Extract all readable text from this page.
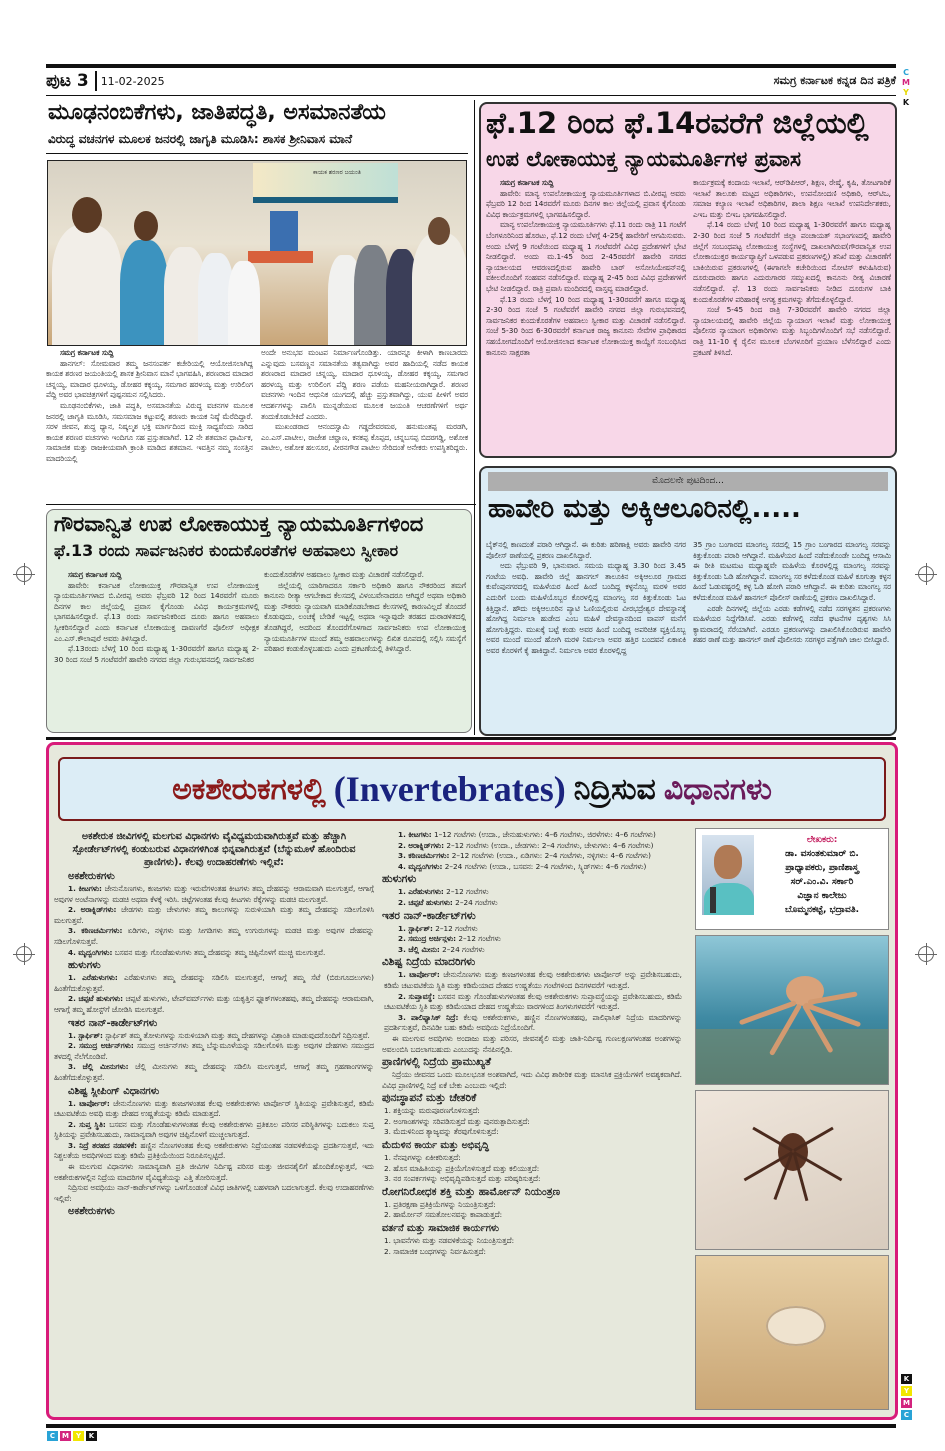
ಪುಟ 3	11-02-2025	ಸಮಗ್ರ ಕರ್ನಾಟಕ ಕನ್ನಡ ದಿನ ಪತ್ರಿಕೆ
C
M
Y
K
ಮೂಢನಂಬಿಕೆಗಳು, ಜಾತಿಪದ್ಧತಿ, ಅಸಮಾನತೆಯ
ವಿರುದ್ಧ ವಚನಗಳ ಮೂಲಕ ಜನರಲ್ಲಿ ಜಾಗೃತಿ ಮೂಡಿಸಿ: ಶಾಸಕ ಶ್ರೀನಿವಾಸ ಮಾನೆ
ಕಾಯಕ ಶರಣರ ಜಯಂತಿ
ಸಮಗ್ರ ಕರ್ನಾಟಕ ಸುದ್ದಿ

ಹಾನಗಲ್: ಸೋಮವಾರ ತಮ್ಮ ಜನಸಂಪರ್ಕ ಕಚೇರಿಯಲ್ಲಿ ಆಯೋಜಿಸಲಾಗಿದ್ದ ಕಾಯಕ ಶರಣರ ಜಯಂತಿಯಲ್ಲಿ ಶಾಸಕ ಶ್ರೀನಿವಾಸ ಮಾನೆ ಭಾಗವಹಿಸಿ, ಶರಣರಾದ ಮಾದಾರ ಚನ್ನಯ್ಯ, ಮಾದಾರ ಧೂಳಯ್ಯ, ಡೋಹರ ಕಕ್ಕಯ್ಯ, ಸಮಗಾರ ಹರಳಯ್ಯ ಮತ್ತು ಉರಿಲಿಂಗ ಪೆದ್ದಿ ಅವರ ಭಾವಚಿತ್ರಗಳಿಗೆ ಪುಷ್ಪನಮನ ಸಲ್ಲಿಸಿದರು.

ಮೂಢನಂಬಿಕೆಗಳು, ಜಾತಿ ಪದ್ಧತಿ, ಅಸಮಾನತೆಯ ವಿರುದ್ಧ ವಚನಗಳ ಮೂಲಕ ಜನರಲ್ಲಿ ಜಾಗೃತಿ ಮೂಡಿಸಿ, ಸಮಸಮಾಜ ಕಟ್ಟುವಲ್ಲಿ ಶರಣರು ಕಾಯಕ ನಿಷ್ಠೆ ಮೆರೆದಿದ್ದಾರೆ. ಸರಳ ಜೀವನ, ಶುದ್ಧ ಧ್ಯಾನ, ನಿಷ್ಕಲ್ಮಶ ಭಕ್ತಿ ಮಾರ್ಗದಿಂದ ಮುಕ್ತಿ ಸಾಧ್ಯವೆಂದು ಸಾರಿದ ಕಾಯಕ ಶರಣರ ವಚನಗಳು ಇಂದಿಗೂ ಸಹ ಪ್ರಸ್ತುತವಾಗಿವೆ. 12 ನೇ ಶತಮಾನ ಧಾರ್ಮಿಕ, ಸಾಮಾಜಿಕ ಮತ್ತು ರಾಜಕೀಯವಾಗಿ ಕ್ರಾಂತಿ ಮಾಡಿದ ಶತಮಾನ. ಇವತ್ತಿನ ನಮ್ಮ ಸಂಸತ್ತಿನ ಮಾದರಿಯಲ್ಲಿ

ಅಂದೇ ಅನುಭವ ಮಂಟಪ ನಿರ್ಮಾಣಗೊಂಡಿತ್ತು. ಯಾರನ್ನೂ ಕೀಳಾಗಿ ಕಾಣಬಾರದು ಎನ್ನುವುದು ಬಸವಣ್ಣನ ಸಮಾನತೆಯ ತತ್ವವಾಗಿದ್ದು ಅವರ ಹಾದಿಯಲ್ಲಿ ನಡೆದ ಕಾಯಕ ಶರಣರಾದ ಮಾದಾರ ಚನ್ನಯ್ಯ, ಮಾದಾರ ಧೂಳಯ್ಯ, ಡೋಹರ ಕಕ್ಕಯ್ಯ, ಸಮಗಾರ ಹರಳಯ್ಯ ಮತ್ತು ಉರಿಲಿಂಗ ಪೆದ್ದಿ ಶರಣ ಪಡೆಯ ಮಹನೀಯರಾಗಿದ್ದಾರೆ. ಶರಣರ ವಚನಗಳು ಇಂದಿನ ಆಧುನಿಕ ಯುಗದಲ್ಲಿ ಹೆಚ್ಚು ಪ್ರಸ್ತುತವಾಗಿದ್ದು, ಯುವ ಪೀಳಿಗೆ ಅವರ ಆದರ್ಶಗಳನ್ನು ಪಾಲಿಸಿ ಮುನ್ನಡೆಯುವ ಮೂಲಕ ಜಯಂತಿ ಆಚರಣೆಗಳಿಗೆ ಅರ್ಥ ತಂದುಕೊಡಬೇಕಿದೆ ಎಂದರು.

ಮುಖಂಡರಾದ ಆನಂದಸ್ವಾಮಿ ಗಡ್ಡದೇವರಮಠ, ಹನುಮಂತಪ್ಪ ಮರಡಗಿ, ಎಂ.ಎಸ್.ಪಾಟೀಲ, ರಾಜೇಶ ಚವ್ಹಾಣ, ಕನಕಪ್ಪ ಕೊಪ್ಪದ, ಚನ್ನಬಸಪ್ಪ ಬಿದರಗಡ್ಡಿ, ಅಶೋಕ ಪಾಟೀಲ, ಅಶೋಕ ಹಲಸೂರ, ವೀರನಗೌಡ ಪಾಟೀಲ ಸೇರಿದಂತೆ ಅನೇಕರು ಉಪಸ್ಥಿತರಿದ್ದರು.

ಫೆ.12 ರಿಂದ ಫೆ.14ರವರೆಗೆ ಜಿಲ್ಲೆಯಲ್ಲಿ
ಉಪ ಲೋಕಾಯುಕ್ತ ನ್ಯಾಯಮೂರ್ತಿಗಳ ಪ್ರವಾಸ
ಸಮಗ್ರ ಕರ್ನಾಟಕ ಸುದ್ದಿ

ಹಾವೇರಿ: ಮಾನ್ಯ ಉಪಲೋಕಾಯುಕ್ತ ನ್ಯಾಯಮೂರ್ತಿಗಳಾದ ಬಿ.ವೀರಪ್ಪ ಅವರು ಫೆಬ್ರವರಿ 12 ರಿಂದ 14ರವರೆಗೆ ಮೂರು ದಿನಗಳ ಕಾಲ ಜಿಲ್ಲೆಯಲ್ಲಿ ಪ್ರವಾಸ ಕೈಗೊಂಡು ವಿವಿಧ ಕಾರ್ಯಕ್ರಮಗಳಲ್ಲಿ ಭಾಗವಹಿಸಲಿದ್ದಾರೆ.

ಮಾನ್ಯ ಉಪಲೋಕಾಯುಕ್ತ ನ್ಯಾಯಮೂರ್ತಿಗಳು ಫೆ.11 ರಂದು ರಾತ್ರಿ 11 ಗಂಟೆಗೆ ಬೆಂಗಳೂರಿನಿಂದ ಹೊರಟು, ಫೆ.12 ರಂದು ಬೆಳಗ್ಗೆ 4-25ಕ್ಕೆ ಹಾವೇರಿಗೆ ಆಗಮಿಸುವರು. ಅಂದು ಬೆಳಗ್ಗೆ 9 ಗಂಟೆಯಿಂದ ಮಧ್ಯಾಹ್ನ 1 ಗಂಟೆವರೆಗೆ ವಿವಿಧ ಪ್ರದೇಶಗಳಿಗೆ ಭೇಟಿ ನೀಡಲಿದ್ದಾರೆ. ಅಂದು ಮ.1-45 ರಿಂದ 2-45ರವರೆಗೆ ಹಾವೇರಿ ನಗರದ ನ್ಯಾಯಾಲಯದ ಆವರಣದಲ್ಲಿರುವ ಹಾವೇರಿ ಬಾರ್ ಅಸೋಸಿಯೇಷನ್‌ನಲ್ಲಿ ವಕೀಲರೊಂದಿಗೆ ಸಂಹವನ ನಡೆಸಲಿದ್ದಾರೆ. ಮಧ್ಯಾಹ್ನ 2-45 ರಿಂದ ವಿವಿಧ ಪ್ರದೇಶಗಳಿಗೆ ಭೇಟಿ ನೀಡಲಿದ್ದಾರೆ. ರಾತ್ರಿ ಪ್ರವಾಸಿ ಮಂದಿರದಲ್ಲಿ ವಾಸ್ತವ್ಯ ಮಾಡಲಿದ್ದಾರೆ.

ಫೆ.13 ರಂದು ಬೆಳಗ್ಗೆ 10 ರಿಂದ ಮಧ್ಯಾಹ್ನ 1-30ರವರೆಗೆ ಹಾಗೂ ಮಧ್ಯಾಹ್ನ 2-30 ರಿಂದ ಸಂಜೆ 5 ಗಂಟೆವರೆಗೆ ಹಾವೇರಿ ನಗರದ ಜಿಲ್ಲಾ ಗುರುಭವನದಲ್ಲಿ ಸಾರ್ವಜನಿಕರ ಕುಂದುಕೊರತೆಗಳ ಅಹವಾಲು ಸ್ವೀಕಾರ ಮತ್ತು ವಿಚಾರಣೆ ನಡೆಸಲಿದ್ದಾರೆ. ಸಂಜೆ 5-30 ರಿಂದ 6-30ರವರೆಗೆ ಕರ್ನಾಟಕ ರಾಜ್ಯ ಕಾನೂನು ಸೇವೆಗಳ ಪ್ರಾಧಿಕಾರದ ಸಹಯೋಗದೊಂದಿಗೆ ಆಯೋಜಿಸಲಾದ ಕರ್ನಾಟಕ ಲೋಕಾಯುಕ್ತ ಕಾಯ್ದೆಗೆ ಸಂಬಂಧಿಸಿದ ಕಾನೂನು ಸಾಕ್ಷರತಾ

ಕಾರ್ಯಕ್ರಮಕ್ಕೆ ಕಂದಾಯ ಇಲಾಖೆ, ಆರ್‌ಡಿಪಿಆರ್, ಶಿಕ್ಷಣ, ರೇಷ್ಮೆ, ಕೃಷಿ, ತೋಟಗಾರಿಕೆ ಇಲಾಖೆ ತಾಲೂಕು ಮಟ್ಟದ ಅಧಿಕಾರಿಗಳು, ಉಪನೋಂದಣಿ ಅಧಿಕಾರಿ, ಆರ್‌ಟಿಒ, ಸಮಾಜ ಕಲ್ಯಾಣ ಇಲಾಖೆ ಅಧಿಕಾರಿಗಳ, ಶಾಲಾ ಶಿಕ್ಷಣ ಇಲಾಖೆ ಉಪನಿರ್ದೇಶಕರು, ಎಇಒ ಮತ್ತು ಬಿಇಒ ಭಾಗವಹಿಸಲಿದ್ದಾರೆ.

ಫೆ.14 ರಂದು ಬೆಳಗ್ಗೆ 10 ರಿಂದ ಮಧ್ಯಾಹ್ನ 1-30ರವರೆಗೆ ಹಾಗೂ ಮಧ್ಯಾಹ್ನ 2-30 ರಿಂದ ಸಂಜೆ 5 ಗಂಟೆವರೆಗೆ ಜಿಲ್ಲಾ ಪಂಚಾಯತ್ ಸಭಾಂಗಣದಲ್ಲಿ ಹಾವೇರಿ ಜಿಲ್ಲೆಗೆ ಸಂಬಂಧಪಟ್ಟ ಲೋಕಾಯುಕ್ತ ಸಂಸ್ಥೆಗಳಲ್ಲಿ ದಾಖಲಾಗಿರುವ(ಗೌರವಾನ್ವಿತ ಉಪ ಲೋಕಾಯುಕ್ತರ ಕಾರ್ಯವ್ಯಾಪ್ತಿಗೆ ಒಳಪಡುವ ಪ್ರಕರಣಗಳಲ್ಲಿ) ತನಿಖೆ ಮತ್ತು ವಿಚಾರಣೆಗೆ ಬಾಕಿಯಿರುವ ಪ್ರಕರಣಗಳಲ್ಲಿ (ಈಗಾಗಲೇ ಕಚೇರಿಯಿಂದ ನೋಟಿಸ್ ಕಳುಹಿಸಿರುವ) ದೂರುದಾರರು ಹಾಗೂ ಎದುರುಗಾರರ ಸಮ್ಮುಖದಲ್ಲಿ ಕಾನೂನು ರೀತ್ಯ ವಿಚಾರಣೆ ನಡೆಸಲಿದ್ದಾರೆ. ಫೆ. 13 ರಂದು ಸಾರ್ವಜನಿಕರು ನೀಡಿದ ದೂರುಗಳ ಬಾಕಿ ಕುಂದುಕೊರತೆಗಳ ಪರಿಹಾರಕ್ಕೆ ಅಗತ್ಯ ಕ್ರಮಗಳನ್ನು ತೆಗೆದುಕೊಳ್ಳಲಿದ್ದಾರೆ.

ಸಂಜೆ 5-45 ರಿಂದ ರಾತ್ರಿ 7-30ರವರೆಗೆ ಹಾವೇರಿ ನಗರದ ಜಿಲ್ಲಾ ನ್ಯಾಯಾಲಯದಲ್ಲಿ ಹಾವೇರಿ ಜಿಲ್ಲೆಯ ನ್ಯಾಯಾಂಗ ಇಲಾಖೆ ಮತ್ತು ಲೋಕಾಯುಕ್ತ ಪೊಲೀಸರ ನ್ಯಾಯಾಂಗ ಅಧಿಕಾರಿಗಳು ಮತ್ತು ಸಿಬ್ಬಂದಿಗಳೊಂದಿಗೆ ಸಭೆ ನಡೆಸಲಿದ್ದಾರೆ. ರಾತ್ರಿ 11-10 ಕ್ಕೆ ರೈಲಿನ ಮೂಲಕ ಬೆಂಗಳೂರಿಗೆ ಪ್ರಯಾಣ ಬೆಳೆಸಲಿದ್ದಾರೆ ಎಂದು ಪ್ರಕಟಣೆ ತಿಳಿಸಿದೆ.

ಗೌರವಾನ್ವಿತ ಉಪ ಲೋಕಾಯುಕ್ತ ನ್ಯಾಯಮೂರ್ತಿಗಳಿಂದ
ಫೆ.13 ರಂದು ಸಾರ್ವಜನಿಕರ ಕುಂದುಕೊರತೆಗಳ ಅಹವಾಲು ಸ್ವೀಕಾರ
ಸಮಗ್ರ ಕರ್ನಾಟಕ ಸುದ್ದಿ

ಹಾವೇರಿ: ಕರ್ನಾಟಕ ಲೋಕಾಯುಕ್ತ ಗೌರವಾನ್ವಿತ ಉಪ ಲೋಕಾಯುಕ್ತ ನ್ಯಾಯಮೂರ್ತಿಗಳಾದ ಬಿ.ವೀರಪ್ಪ ಅವರು ಫೆಬ್ರವರಿ 12 ರಿಂದ 14ರವರೆಗೆ ಮೂರು ದಿನಗಳ ಕಾಲ ಜಿಲ್ಲೆಯಲ್ಲಿ ಪ್ರವಾಸ ಕೈಗೊಂಡು ವಿವಿಧ ಕಾರ್ಯಕ್ರಮಗಳಲ್ಲಿ ಭಾಗವಹಿಸಲಿದ್ದಾರೆ. ಫೆ.13 ರಂದು ಸಾರ್ವಜನಿಕರಿಂದ ದೂರು ಹಾಗೂ ಅಹವಾಲು ಸ್ವೀಕರಿಸಲಿದ್ದಾರೆ ಎಂದು ಕರ್ನಾಟಕ ಲೋಕಾಯುಕ್ತ ದಾವಣಗೆರೆ ಪೊಲೀಸ್ ಅಧೀಕ್ಷಕ ಎಂ.ಎಸ್.ಕೌಲಾಪುರೆ ಅವರು ತಿಳಿಸಿದ್ದಾರೆ.

ಫೆ.13ರಂದು ಬೆಳಗ್ಗೆ 10 ರಿಂದ ಮಧ್ಯಾಹ್ನ 1-30ರವರೆಗೆ ಹಾಗೂ ಮಧ್ಯಾಹ್ನ 2-30 ರಿಂದ ಸಂಜೆ 5 ಗಂಟೆವರೆಗೆ ಹಾವೇರಿ ನಗರದ ಜಿಲ್ಲಾ ಗುರುಭವನದಲ್ಲಿ ಸಾರ್ವಜನಿಕರ

ಕುಂದುಕೊರತೆಗಳ ಅಹವಾಲು ಸ್ವೀಕಾರ ಮತ್ತು ವಿಚಾರಣೆ ನಡೆಸಲಿದ್ದಾರೆ.

ಜಿಲ್ಲೆಯಲ್ಲಿ ಯಾರಿಗಾದರೂ ಸರ್ಕಾರಿ ಅಧಿಕಾರಿ ಹಾಗೂ ನೌಕರರಿಂದ ತಮಗೆ ಕಾನೂನು ರೀತ್ಯಾ ಆಗಬೇಕಾದ ಕೆಲಸದಲ್ಲಿ ವಿಳಂಬವೇನಾದರೂ ಆಗಿದ್ದರೆ ಅಥವಾ ಅಧಿಕಾರಿ ಮತ್ತು ನೌಕರರು ನ್ಯಾಯವಾಗಿ ಮಾಡಿಕೊಡಬೇಕಾದ ಕೆಲಸಗಳಲ್ಲಿ ಕಾರಣವಿಲ್ಲದೆ ತೊಂದರೆ ಕೊಡುವುದು, ಲಂಚಕ್ಕೆ ಬೇಡಿಕೆ ಇಟ್ಟಲ್ಲಿ ಅಥವಾ ಇನ್ನಾವುದೇ ತರಹದ ದುರಾಡಳಿತದಲ್ಲಿ ತೊಡಗಿದ್ದರೆ, ಅದರಿಂದ ತೊಂದರೆಗೊಳಗಾದ ಸಾರ್ವಜನಿಕರು ಉಪ ಲೋಕಾಯುಕ್ತ ನ್ಯಾಯಮೂರ್ತಿಗಳ ಮುಂದೆ ತಮ್ಮ ಅಹವಾಲುಗಳನ್ನು ಲಿಖಿತ ರೂಪದಲ್ಲಿ ಸಲ್ಲಿಸಿ ಸಮಸ್ಯೆಗೆ ಪರಿಹಾರ ಕಂಡುಕೊಳ್ಳಬಹುದು ಎಂದು ಪ್ರಕಟಣೆಯಲ್ಲಿ ತಿಳಿಸಿದ್ದಾರೆ.

ಮೊದಲನೇ ಪುಟದಿಂದ...
ಹಾವೇರಿ ಮತ್ತು ಅಕ್ಕಿಆಲೂರಿನಲ್ಲಿ.....

ಬೈಕ್‌ನಲ್ಲಿ ಕಾಣದಂತೆ ಪರಾರಿ ಆಗಿದ್ದಾನೆ. ಈ ಕುರಿತು ಹರಿಣಾಕ್ಷಿ ಅವರು ಹಾವೇರಿ ನಗರ ಪೊಲೀಸ್ ಠಾಣೆಯಲ್ಲಿ ಪ್ರಕರಣ ದಾಖಲಿಸಿದ್ದಾರೆ.

ಅದು ಫೆಬ್ರುವರಿ 9, ಭಾನುವಾರ. ಸಮಯ ಮಧ್ಯಾಹ್ನ 3.30 ರಿಂದ 3.45 ಗಂಟೆಯ ಅವಧಿ. ಹಾವೇರಿ ಜಿಲ್ಲೆ ಹಾನಗಲ್ ತಾಲೂಕಿನ ಅಕ್ಕಿಆಲೂರ ಗ್ರಾಮದ ಕುವೆಂಪುನಗರದಲ್ಲಿ ಮಹಿಳೆಯರ ಹಿಂದೆ ಹಿಂದೆ ಬಂದಿದ್ದ ಕಳ್ಳನೊಬ್ಬ ಮರಳಿ ಅವರ ಎದುರಿಗೆ ಬಂದು ಮಹಿಳೆಯೊಬ್ಬರ ಕೊರಳಲ್ಲಿದ್ದ ಮಾಂಗಲ್ಯ ಸರ ಕಿತ್ತುಕೊಂಡು ಓಟ ಕಿತ್ತಿದ್ದಾನೆ. ಹೌದು ಅಕ್ಕಿಆಲೂರಿನ ಪ್ಯಾಟಿ ಓಣಿಯಲ್ಲಿರುವ ವೀರಭದ್ರೇಶ್ವರ ದೇವಸ್ಥಾನಕ್ಕೆ ಹೋಗಿದ್ದ ನಿರ್ಮಲಾ ಹುಡೇದ ಎಂಬ ಮಹಿಳೆ ದೇವಸ್ಥಾನದಿಂದ ವಾಪಸ್ ಮನೆಗೆ ಹೋಗುತ್ತಿದ್ದರು. ಮುಖಕ್ಕೆ ಬಟ್ಟೆ ಕಂಡು ಅವರ ಹಿಂದೆ ಬಂದಿದ್ದ ಅಪರಿಚಿತ ವ್ಯಕ್ತಿಯೊಬ್ಬ ಅವರ ಮುಂದೆ ಮುಂದೆ ಹೋಗಿ ಮರಳಿ ನಿರ್ಮಲಾ ಅವರ ಹತ್ತಿರ ಬಂದವನೆ ಏಕಾಏಕಿ ಅವರ ಕೊರಳಿಗೆ ಕೈ ಹಾಕಿದ್ದಾನೆ. ನಿರ್ಮಲಾ ಅವರ ಕೊರಳಲ್ಲಿದ್ದ

35 ಗ್ರಾಂ ಬಂಗಾರದ ಮಾಂಗಲ್ಯ ಸರದಲ್ಲಿ 15 ಗ್ರಾಂ ಬಂಗಾರದ ಮಾಂಗಲ್ಯ ಸರವನ್ನು ಕಿತ್ತುಕೊಂಡು ಪರಾರಿ ಆಗಿದ್ದಾನೆ. ಮಹಿಳೆಯರ ಹಿಂದೆ ನಡೆದುಕೊಂಡೇ ಬಂದಿದ್ದ ಆಸಾಮಿ ಈ ರೀತಿ ಮಟಮಟ ಮಧ್ಯಾಹ್ನವೇ ಮಹಿಳೆಯ ಕೊರಳಲ್ಲಿದ್ದ ಮಾಂಗಲ್ಯ ಸರವನ್ನು ಕಿತ್ತುಕೊಂಡು ಓಡಿ ಹೋಗಿದ್ದಾನೆ. ಮಾಂಗಲ್ಯ ಸರ ಕಳೆದುಕೊಂಡ ಮಹಿಳೆ ಕೂಗುತ್ತಾ ಕಳ್ಳನ ಹಿಂದೆ ಓಡುವಷ್ಟರಲ್ಲಿ ಕಳ್ಳ ಓಡಿ ಹೋಗಿ ಪರಾರಿ ಆಗಿದ್ದಾನೆ. ಈ ಕುರಿತು ಮಾಂಗಲ್ಯ ಸರ ಕಳೆದುಕೊಂಡ ಮಹಿಳೆ ಹಾನಗಲ್ ಪೊಲೀಸ್ ಠಾಣೆಯಲ್ಲಿ ಪ್ರಕರಣ ದಾಖಲಿಸಿದ್ದಾರೆ.

ಎರಡೇ ದಿನಗಳಲ್ಲಿ ಜಿಲ್ಲೆಯ ಎರಡು ಕಡೆಗಳಲ್ಲಿ ನಡೆದ ಸರಗಳ್ಳತನ ಪ್ರಕರಣಗಳು ಮಹಿಳೆಯರ ನಿದ್ದೆಗೆಡಿಸಿವೆ. ಎರಡು ಕಡೆಗಳಲ್ಲಿ ನಡೆದ ಘಟನೆಗಳ ದೃಶ್ಯಗಳು ಸಿಸಿ ಕ್ಯಾಮರಾದಲ್ಲಿ ಸೆರೆಯಾಗಿವೆ. ಎರಡೂ ಪ್ರಕರಣಗಳನ್ನು ದಾಖಲಿಸಿಕೊಂಡಿರುವ ಹಾವೇರಿ ಶಹರ ಠಾಣೆ ಮತ್ತು ಹಾನಗಲ್ ಠಾಣೆ ಪೊಲೀಸರು ಸರಗಳ್ಳರ ಪತ್ತೆಗಾಗಿ ಜಾಲ ಬೀಸಿದ್ದಾರೆ.

ಅಕಶೇರುಕಗಳಲ್ಲಿ (Invertebrates) ನಿದ್ರಿಸುವ ವಿಧಾನಗಳು
ಅಕಶೇರುಕ ಜೀವಿಗಳಲ್ಲಿ ಮಲಗುವ ವಿಧಾನಗಳು ವೈವಿಧ್ಯಮಯವಾಗಿರುತ್ತವೆ ಮತ್ತು ಹೆಚ್ಚಾಗಿ ಸ್ಪೋರ್ಡೇಟ್‌ಗಳಲ್ಲಿ ಕಂಡುಬರುವ ವಿಧಾನಗಳಿಗಿಂತ ಭಿನ್ನವಾಗಿರುತ್ತವೆ (ಬೆನ್ನುಮೂಳೆ ಹೊಂದಿರುವ ಪ್ರಾಣಿಗಳು). ಕೆಲವು ಉದಾಹರಣೆಗಳು ಇಲ್ಲಿವೆ:
ಅಕಶೇರುಕಗಳು

1. ಕೀಟಗಳು: ಜೇನುನೊಣಗಳು, ಕಣಜಗಳು ಮತ್ತು ಇರುವೆಗಳಂತಹ ಕೀಟಗಳು ತಮ್ಮ ದೇಹವನ್ನು ಆರಾಮವಾಗಿ ಮಲಗುತ್ತವೆ, ಆಗಾಗ್ಗೆ ಅವುಗಳ ಅಂಟೆನಾಗಳನ್ನು ಮಡಚಿ ಅಥವಾ ಕೆಳಕ್ಕೆ ಇರಿಸಿ. ಚಿಟ್ಟೆಗಳಂತಹ ಕೆಲವು ಕೀಟಗಳು ರೆಕ್ಕೆಗಳನ್ನು ಮಡಚಿ ಮಲಗುತ್ತವೆ.

2. ಅರಾಕ್ನಿಡ್‌ಗಳು: ಜೇಡಗಳು ಮತ್ತು ಚೇಳುಗಳು ತಮ್ಮ ಕಾಲುಗಳನ್ನು ಸುರುಳಿಯಾಗಿ ಮತ್ತು ತಮ್ಮ ದೇಹವನ್ನು ಸಡಿಲಗೊಳಿಸಿ ಮಲಗುತ್ತವೆ.

3. ಕಠಿಣಚರ್ಮಿಗಳು: ಏಡಿಗಳು, ನಳ್ಳಿಗಳು ಮತ್ತು ಸೀಗಡಿಗಳು ತಮ್ಮ ಉಗುರುಗಳನ್ನು ಮಡಚಿ ಮತ್ತು ಅವುಗಳ ದೇಹವನ್ನು ಸಡಿಲಗೊಳಿಸುತ್ತವೆ.

4. ಮೃದ್ವಂಗಿಗಳು: ಬಸವನ ಮತ್ತು ಗೊಂಡೆಹುಳುಗಳು ತಮ್ಮ ದೇಹವನ್ನು ತಮ್ಮ ಚಿಪ್ಪಿನೊಳಗೆ ಮುಚ್ಚಿ ಮಲಗುತ್ತವೆ.

ಹುಳುಗಳು

1. ಎರೆಹುಳುಗಳು: ಎರೆಹುಳುಗಳು ತಮ್ಮ ದೇಹವನ್ನು ಸಡಿಲಿಸಿ ಮಲಗುತ್ತವೆ, ಆಗಾಗ್ಗೆ ತಮ್ಮ ಸೆಟೆ (ಬಿರುಗೂದಲುಗಳು) ಹಿಂತೆಗೆದುಕೊಳ್ಳುತ್ತವೆ.

2. ಚಪ್ಪಟೆ ಹುಳುಗಳು: ಚಪ್ಪಟೆ ಹುಳುಗಳು, ಟೇಪ್‌ವರ್ಮ್‌ಗಳು ಮತ್ತು ಯಕೃತ್ತಿನ ಫ್ಲೂಕ್‌ಗಳಂತಹವು, ತಮ್ಮ ದೇಹವನ್ನು ಆರಾಮವಾಗಿ, ಆಗಾಗ್ಗೆ ತಮ್ಮ ಹೋಸ್ಟ್‌ಗೆ ಜೋಡಿಸಿ ಮಲಗುತ್ತವೆ.

ಇತರ ನಾನ್-ಕಾರ್ಡೇಟ್‌ಗಳು

1. ಸ್ಟಾರ್ಫಿಶ್: ಸ್ಟಾರ್ಫಿಶ್ ತಮ್ಮ ತೋಳುಗಳನ್ನು ಸುರುಳಿಯಾಗಿ ಮತ್ತು ತಮ್ಮ ದೇಹಗಳನ್ನು ವಿಶ್ರಾಂತಿ ಮಾಡುವುದರೊಂದಿಗೆ ನಿದ್ರಿಸುತ್ತವೆ.

2. ಸಮುದ್ರ ಅರ್ಚಿನ್‌ಗಳು: ಸಮುದ್ರ ಅರ್ಚಿನ್‌ಗಳು ತಮ್ಮ ಬೆನ್ನುಮೂಳೆಯನ್ನು ಸಡಿಲಗೊಳಿಸಿ ಮತ್ತು ಅವುಗಳ ದೇಹಗಳು ಸಮುದ್ರದ ತಳದಲ್ಲಿ ನೆಲೆಗೊಂಡಿವೆ.

3. ಜೆಲ್ಲಿ ಮೀನುಗಳು: ಜೆಲ್ಲಿ ಮೀನುಗಳು ತಮ್ಮ ದೇಹವನ್ನು ಸಡಿಲಿಸಿ ಮಲಗುತ್ತವೆ, ಆಗಾಗ್ಗೆ ತಮ್ಮ ಗ್ರಹಣಾಂಗಗಳನ್ನು ಹಿಂತೆಗೆದುಕೊಳ್ಳುತ್ತವೆ.

ವಿಶಿಷ್ಟ ಸ್ಲೀಪಿಂಗ್ ವಿಧಾನಗಳು

1. ಟಾರ್ಪೋರ್: ಜೇನುನೊಣಗಳು ಮತ್ತು ಕಣಜಗಳಂತಹ ಕೆಲವು ಅಕಶೇರುಕಗಳು ಟಾರ್ಪೋರ್ ಸ್ಥಿತಿಯನ್ನು ಪ್ರವೇಶಿಸುತ್ತವೆ, ಕಡಿಮೆ ಚಟುವಟಿಕೆಯ ಅವಧಿ ಮತ್ತು ದೇಹದ ಉಷ್ಣತೆಯನ್ನು ಕಡಿಮೆ ಮಾಡುತ್ತದೆ.

2. ಸುಪ್ತ ಸ್ಥಿತಿ: ಬಸವನ ಮತ್ತು ಗೊಂಡೆಹುಳುಗಳಂತಹ ಕೆಲವು ಅಕಶೇರುಕಗಳು ಪ್ರತಿಕೂಲ ಪರಿಸರ ಪರಿಸ್ಥಿತಿಗಳನ್ನು ಬದುಕಲು ಸುಪ್ತ ಸ್ಥಿತಿಯನ್ನು ಪ್ರವೇಶಿಸಬಹುದು, ಸಾಮಾನ್ಯವಾಗಿ ಅವುಗಳ ಚಿಪ್ಪಿನೊಳಗೆ ಮುಚ್ಚಲಾಗುತ್ತದೆ.

3. ನಿದ್ರೆ ತರಹದ ನಡವಳಿಕೆ: ಹಣ್ಣಿನ ನೊಣಗಳಂತಹ ಕೆಲವು ಅಕಶೇರುಕಗಳು ನಿದ್ರೆಯಂತಹ ನಡವಳಿಕೆಯನ್ನು ಪ್ರದರ್ಶಿಸುತ್ತವೆ, ಇದು ನಿಶ್ಚಲತೆಯ ಅವಧಿಗಳಿಂದ ಮತ್ತು ಕಡಿಮೆ ಪ್ರತಿಕ್ರಿಯೆಯಿಂದ ನಿರೂಪಿಸಲ್ಪಟ್ಟಿದೆ.

ಈ ಮಲಗುವ ವಿಧಾನಗಳು ಸಾಮಾನ್ಯವಾಗಿ ಪ್ರತಿ ಜೀವಿಗಳ ನಿರ್ದಿಷ್ಟ ಪರಿಸರ ಮತ್ತು ಜೀವನಶೈಲಿಗೆ ಹೊಂದಿಕೊಳ್ಳುತ್ತವೆ, ಇದು ಅಕಶೇರುಕಗಳಲ್ಲಿನ ನಿದ್ರೆಯ ಮಾದರಿಗಳ ವೈವಿಧ್ಯತೆಯನ್ನು ಎತ್ತಿ ತೋರಿಸುತ್ತದೆ.

ನಿದ್ರಿಸುವ ಅವಧಿಯು ನಾನ್-ಕಾರ್ಡೇಟ್‌ಗಳನ್ನು ಒಳಗೊಂಡಂತೆ ವಿವಿಧ ಜಾತಿಗಳಲ್ಲಿ ಬಹಳವಾಗಿ ಬದಲಾಗುತ್ತದೆ. ಕೆಲವು ಉದಾಹರಣೆಗಳು ಇಲ್ಲಿವೆ:

ಅಕಶೇರುಕಗಳು

1. ಕೀಟಗಳು: 1–12 ಗಂಟೆಗಳು (ಉದಾ., ಜೇನುಹುಳುಗಳು: 4–6 ಗಂಟೆಗಳು, ಜಿರಳೆಗಳು: 4–6 ಗಂಟೆಗಳು)

2. ಅರಾಕ್ನಿಡ್‌ಗಳು: 2–12 ಗಂಟೆಗಳು (ಉದಾ., ಜೇಡಗಳು: 2–4 ಗಂಟೆಗಳು, ಚೇಳುಗಳು: 4–6 ಗಂಟೆಗಳು)

3. ಕಠಿಣಚರ್ಮಿಗಳು: 2–12 ಗಂಟೆಗಳು (ಉದಾ., ಏಡಿಗಳು: 2–4 ಗಂಟೆಗಳು, ನಳ್ಳಿಗಳು: 4–6 ಗಂಟೆಗಳು)

4. ಮೃದ್ವಂಗಿಗಳು: 2–24 ಗಂಟೆಗಳು (ಉದಾ., ಬಸವನ: 2–4 ಗಂಟೆಗಳು, ಸ್ಕ್ವಿಡ್‌ಗಳು: 4–6 ಗಂಟೆಗಳು)

ಹುಳುಗಳು

1. ಎರೆಹುಳುಗಳು: 2–12 ಗಂಟೆಗಳು

2. ಚಪ್ಪಟೆ ಹುಳುಗಳು: 2–24 ಗಂಟೆಗಳು

ಇತರ ನಾನ್-ಕಾರ್ಡೇಟ್‌ಗಳು

1. ಸ್ಟಾರ್ಫಿಶ್: 2–12 ಗಂಟೆಗಳು

2. ಸಮುದ್ರ ಅರ್ಚಿನ್ಗಳು: 2–12 ಗಂಟೆಗಳು

3. ಜೆಲ್ಲಿ ಮೀನು: 2–24 ಗಂಟೆಗಳು

ವಿಶಿಷ್ಟ ನಿದ್ರೆಯ ಮಾದರಿಗಳು

1. ಟಾರ್ಪೋರ್: ಜೇನುನೊಣಗಳು ಮತ್ತು ಕಣಜಗಳಂತಹ ಕೆಲವು ಅಕಶೇರುಕಗಳು ಟಾರ್ಪೋರ್ ಅನ್ನು ಪ್ರವೇಶಿಸಬಹುದು, ಕಡಿಮೆ ಚಟುವಟಿಕೆಯ ಸ್ಥಿತಿ ಮತ್ತು ಕಡಿಮೆಯಾದ ದೇಹದ ಉಷ್ಣತೆಯು ಗಂಟೆಗಳಿಂದ ದಿನಗಳವರೆಗೆ ಇರುತ್ತದೆ.

2. ಸುಪ್ತಾವಸ್ಥೆ: ಬಸವನ ಮತ್ತು ಗೊಂಡೆಹುಳುಗಳಂತಹ ಕೆಲವು ಅಕಶೇರುಕಗಳು ಸುಪ್ತಾವಸ್ಥೆಯನ್ನು ಪ್ರವೇಶಿಸಬಹುದು, ಕಡಿಮೆ ಚಟುವಟಿಕೆಯ ಸ್ಥಿತಿ ಮತ್ತು ಕಡಿಮೆಯಾದ ದೇಹದ ಉಷ್ಣತೆಯು ವಾರಗಳಿಂದ ತಿಂಗಳುಗಳವರೆಗೆ ಇರುತ್ತದೆ.

3. ಪಾಲಿಫ್ಯಾಸಿಕ್ ನಿದ್ರೆ: ಕೆಲವು ಅಕಶೇರುಕಗಳು, ಹಣ್ಣಿನ ನೊಣಗಳಂತಹವು, ಪಾಲಿಫಾಸಿಕ್ ನಿದ್ರೆಯ ಮಾದರಿಗಳನ್ನು ಪ್ರದರ್ಶಿಸುತ್ತವೆ, ದಿನವಿಡೀ ಬಹು ಕಡಿಮೆ ಅವಧಿಯ ನಿದ್ರೆಯೊಂದಿಗೆ.

ಈ ಮಲಗುವ ಅವಧಿಗಳು ಅಂದಾಜು ಮತ್ತು ಪರಿಸರ, ಜೀವನಶೈಲಿ ಮತ್ತು ಜಾತಿ-ನಿರ್ದಿಷ್ಟ ಗುಣಲಕ್ಷಣಗಳಂತಹ ಅಂಶಗಳನ್ನು ಅವಲಂಬಿಸಿ ಬದಲಾಗಬಹುದು ಎಂಬುದನ್ನು ನೆನಪಿನಲ್ಲಿಡಿ.

ಪ್ರಾಣಿಗಳಲ್ಲಿ ನಿದ್ರೆಯ ಪ್ರಾಮುಖ್ಯತೆ

ನಿದ್ರೆಯು ಜೀವನದ ಒಂದು ಮೂಲಭೂತ ಅಂಶವಾಗಿದೆ, ಇದು ವಿವಿಧ ಶಾರೀರಿಕ ಮತ್ತು ಮಾನಸಿಕ ಪ್ರಕ್ರಿಯೆಗಳಿಗೆ ಅವಶ್ಯಕವಾಗಿದೆ. ವಿವಿಧ ಪ್ರಾಣಿಗಳಲ್ಲಿ ನಿದ್ರೆ ಏಕೆ ಬೇಕು ಎಂಬುದು ಇಲ್ಲಿದೆ:

ಪುನಃಸ್ಥಾಪನೆ ಮತ್ತು ಚೇತರಿಕೆ
1. ಶಕ್ತಿಯನ್ನು ಮರುಪೂರಣಗೊಳಿಸುತ್ತದೆ:
2. ಅಂಗಾಂಶಗಳನ್ನು ಸರಿಪಡಿಸುತ್ತದೆ ಮತ್ತು ಪುನರುತ್ಪಾದಿಸುತ್ತದೆ:
3. ಮೆದುಳಿನಿಂದ ತ್ಯಾಜ್ಯವನ್ನು ತೆರವುಗೊಳಿಸುತ್ತದೆ:
ಮೆದುಳಿನ ಕಾರ್ಯ ಮತ್ತು ಅಭಿವೃದ್ಧಿ
1. ನೆನಪುಗಳನ್ನು ಏಕೀಕರಿಸುತ್ತದೆ:
2. ಹೊಸ ಮಾಹಿತಿಯನ್ನು ಪ್ರಕ್ರಿಯೆಗೊಳಿಸುತ್ತದೆ ಮತ್ತು ಕಲಿಯುತ್ತದೆ:
3. ನರ ಸಂಪರ್ಕಗಳನ್ನು ಅಭಿವೃದ್ಧಿಪಡಿಸುತ್ತದೆ ಮತ್ತು ಪರಿಷ್ಕರಿಸುತ್ತದೆ:
ರೋಗನಿರೋಧಕ ಶಕ್ತಿ ಮತ್ತು ಹಾರ್ಮೋನ್ ನಿಯಂತ್ರಣ
1. ಪ್ರತಿರಕ್ಷಣಾ ಪ್ರತಿಕ್ರಿಯೆಗಳನ್ನು ನಿಯಂತ್ರಿಸುತ್ತದೆ:
2. ಹಾರ್ಮೋನ್ ಸಮತೋಲನವನ್ನು ಕಾಪಾಡುತ್ತದೆ:
ವರ್ತನೆ ಮತ್ತು ಸಾಮಾಜಿಕ ಕಾರ್ಯಗಳು
1. ಭಾವನೆಗಳು ಮತ್ತು ನಡವಳಿಕೆಯನ್ನು ನಿಯಂತ್ರಿಸುತ್ತದೆ:
2. ಸಾಮಾಜಿಕ ಬಂಧಗಳನ್ನು ನಿರ್ವಹಿಸುತ್ತದೆ:
ಲೇಖಕರು:
ಡಾ. ವಸಂತಕುಮಾರ್ ಬಿ.
ಪ್ರಾಧ್ಯಾಪಕರು, ಪ್ರಾಣಿಶಾಸ್ತ್ರ
ಸರ್.ಎಂ.ವಿ. ಸರ್ಕಾರಿ
ವಿಜ್ಞಾನ ಕಾಲೇಜು
ಬೊಮ್ಮನಕಟ್ಟೆ, ಭದ್ರಾವತಿ.
C M Y	K
K
Y
M
C
